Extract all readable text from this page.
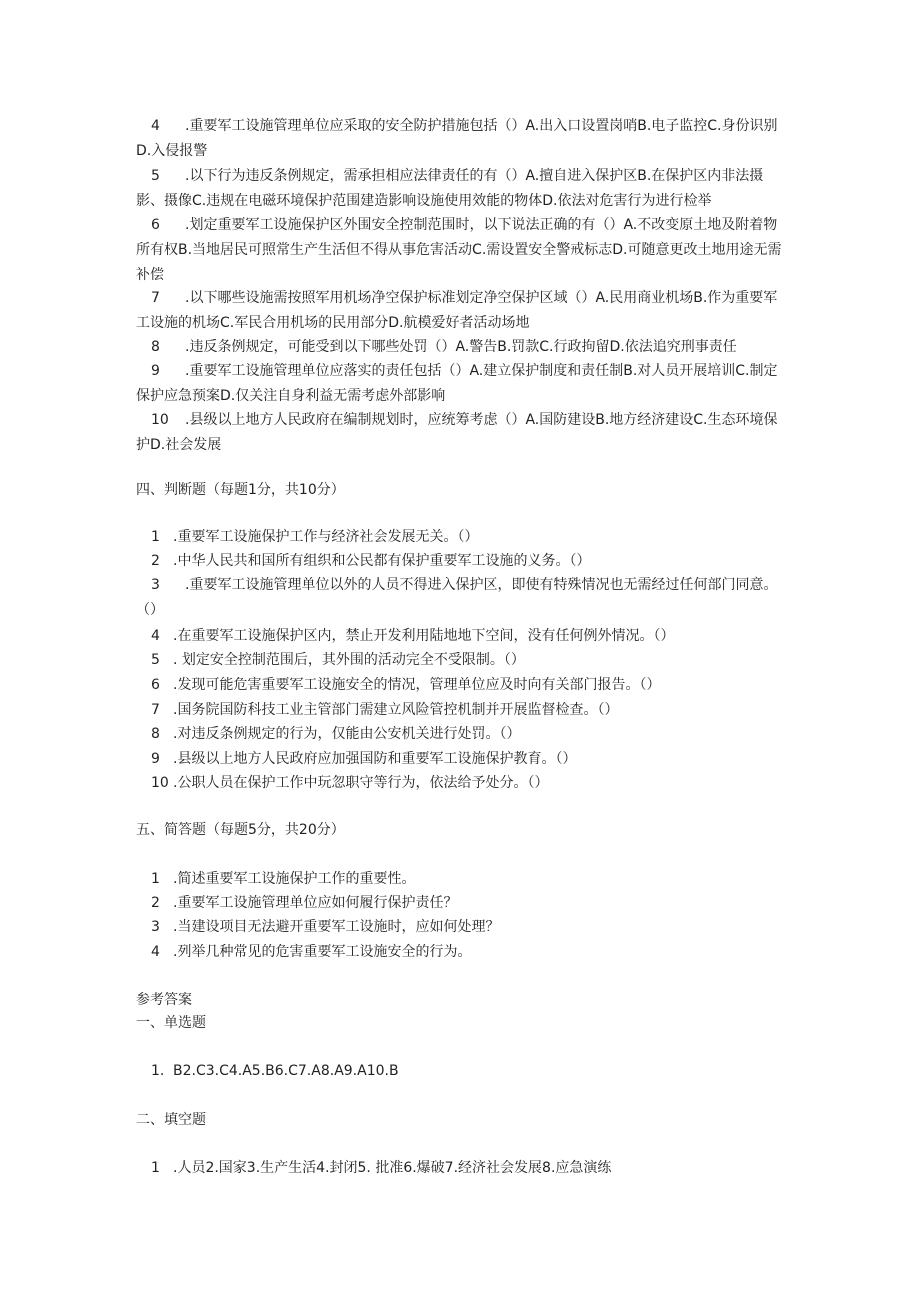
4 .重要军工设施管理单位应采取的安全防护措施包括（）A.出入口设置岗哨B.电子监控C.身份识别D.入侵报警
5 .以下行为违反条例规定，需承担相应法律责任的有（）A.擅自进入保护区B.在保护区内非法摄影、摄像C.违规在电磁环境保护范围建造影响设施使用效能的物体D.依法对危害行为进行检举
6 .划定重要军工设施保护区外围安全控制范围时，以下说法正确的有（）A.不改变原土地及附着物所有权B.当地居民可照常生产生活但不得从事危害活动C.需设置安全警戒标志D.可随意更改土地用途无需补偿
7 .以下哪些设施需按照军用机场净空保护标准划定净空保护区域（）A.民用商业机场B.作为重要军工设施的机场C.军民合用机场的民用部分D.航模爱好者活动场地
8 .违反条例规定，可能受到以下哪些处罚（）A.警告B.罚款C.行政拘留D.依法追究刑事责任
9 .重要军工设施管理单位应落实的责任包括（）A.建立保护制度和责任制B.对人员开展培训C.制定保护应急预案D.仅关注自身利益无需考虑外部影响
10 .县级以上地方人民政府在编制规划时，应统筹考虑（）A.国防建设B.地方经济建设C.生态环境保护D.社会发展
四、判断题（每题1分，共10分）
1 .重要军工设施保护工作与经济社会发展无关。（）
2 .中华人民共和国所有组织和公民都有保护重要军工设施的义务。（）
3 .重要军工设施管理单位以外的人员不得进入保护区，即使有特殊情况也无需经过任何部门同意。（）
4 .在重要军工设施保护区内，禁止开发利用陆地地下空间，没有任何例外情况。（）
5 . 划定安全控制范围后，其外围的活动完全不受限制。（）
6 .发现可能危害重要军工设施安全的情况，管理单位应及时向有关部门报告。（）
7 .国务院国防科技工业主管部门需建立风险管控机制并开展监督检查。（）
8 .对违反条例规定的行为，仅能由公安机关进行处罚。（）
9 .县级以上地方人民政府应加强国防和重要军工设施保护教育。（）
10 .公职人员在保护工作中玩忽职守等行为，依法给予处分。（）
五、简答题（每题5分，共20分）
1 .简述重要军工设施保护工作的重要性。
2 .重要军工设施管理单位应如何履行保护责任？
3 .当建设项目无法避开重要军工设施时，应如何处理？
4 .列举几种常见的危害重要军工设施安全的行为。
参考答案
一、单选题
1. B2.C3.C4.A5.B6.C7.A8.A9.A10.B
二、填空题
1 .人员2.国家3.生产生活4.封闭5. 批准6.爆破7.经济社会发展8.应急演练
